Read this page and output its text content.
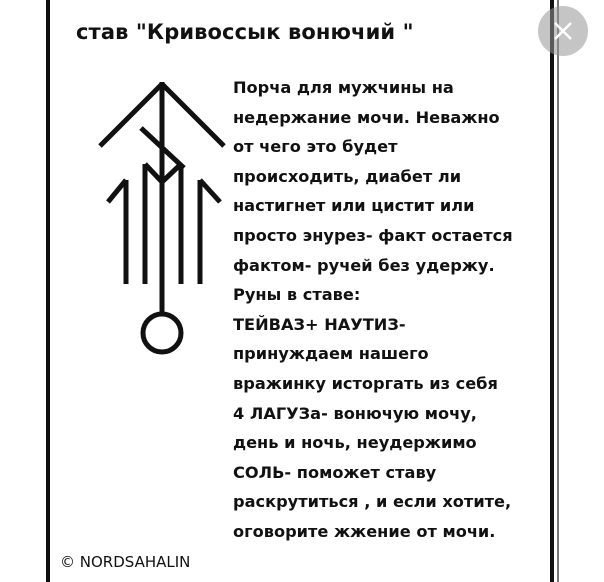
став "Кривоссык вонючий "
Порча для мужчины на
недержание мочи. Неважно
от чего это будет
происходить, диабет ли
настигнет или цистит или
просто энурез- факт остается
фактом- ручей без удержу.
Руны в ставе:
ТЕЙВАЗ+ НАУТИЗ-
принуждаем нашего
вражинку исторгать из себя
4 ЛАГУЗа- вонючую мочу,
день и ночь, неудержимо
СОЛЬ- поможет ставу
раскрутиться , и если хотите,
оговорите жжение от мочи.

© NORDSAHALIN
